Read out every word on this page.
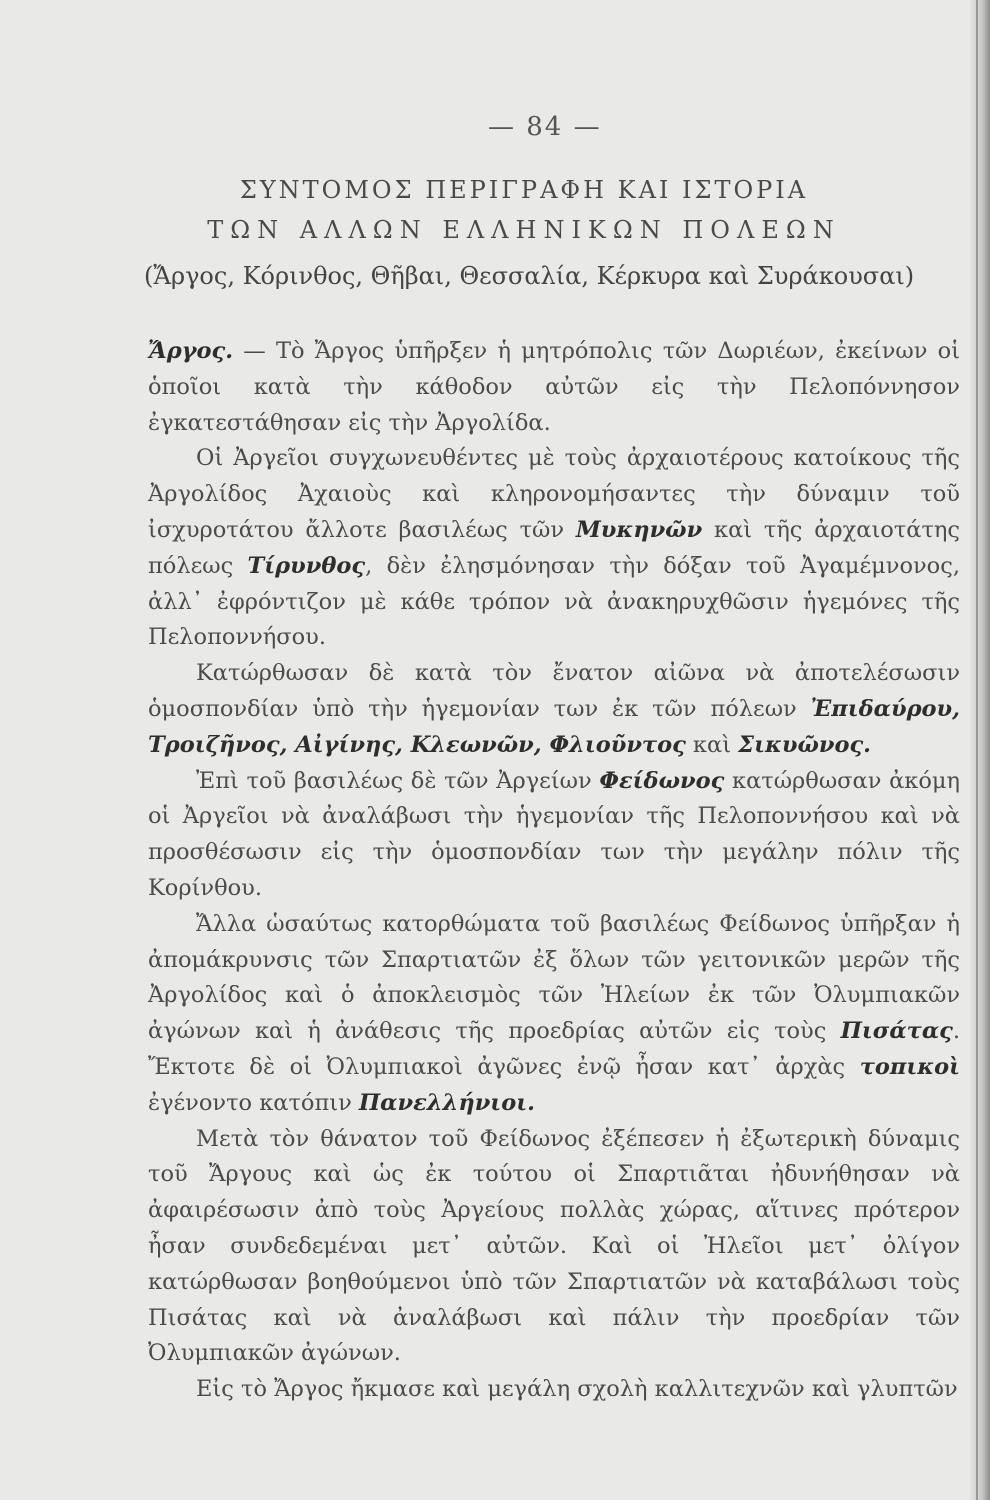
— 84 —
ΣΥΝΤΟΜΟΣ ΠΕΡΙΓΡΑΦΗ ΚΑΙ ΙΣΤΟΡΙΑ
ΤΩΝ ΑΛΛΩΝ ΕΛΛΗΝΙΚΩΝ ΠΟΛΕΩΝ
(Ἄργος, Κόρινθος, Θῆβαι, Θεσσαλία, Κέρκυρα καὶ Συράκουσαι)

Ἄργος. — Τὸ Ἄργος ὑπῆρξεν ἡ μητρόπολις τῶν Δωριέων, ἐκείνων οἱ ὁποῖοι κατὰ τὴν κάθοδον αὐτῶν εἰς τὴν Πελοπόννησον ἐγκατεστάθησαν εἰς τὴν Ἀργολίδα.

Οἱ Ἀργεῖοι συγχωνευθέντες μὲ τοὺς ἀρχαιοτέρους κατοίκους τῆς Ἀργολίδος Ἀχαιοὺς καὶ κληρονομήσαντες τὴν δύναμιν τοῦ ἰσχυροτάτου ἄλλοτε βασιλέως τῶν Μυκηνῶν καὶ τῆς ἀρχαιοτάτης πόλεως Τίρυνθος, δὲν ἐλησμόνησαν τὴν δόξαν τοῦ Ἀγαμέμνονος, ἀλλ᾽ ἐφρόντιζον μὲ κάθε τρόπον νὰ ἀνακηρυχθῶσιν ἡγεμόνες τῆς Πελοποννήσου.

Κατώρθωσαν δὲ κατὰ τὸν ἔνατον αἰῶνα νὰ ἀποτελέσωσιν ὁμοσπονδίαν ὑπὸ τὴν ἡγεμονίαν των ἐκ τῶν πόλεων Ἐπιδαύρου, Τροιζῆνος, Αἰγίνης, Κλεωνῶν, Φλιοῦντος καὶ Σικυῶνος.

Ἐπὶ τοῦ βασιλέως δὲ τῶν Ἀργείων Φείδωνος κατώρθωσαν ἀκόμη οἱ Ἀργεῖοι νὰ ἀναλάβωσι τὴν ἡγεμονίαν τῆς Πελοποννήσου καὶ νὰ προσθέσωσιν εἰς τὴν ὁμοσπονδίαν των τὴν μεγάλην πόλιν τῆς Κορίνθου.

Ἄλλα ὡσαύτως κατορθώματα τοῦ βασιλέως Φείδωνος ὑπῆρξαν ἡ ἀπομάκρυνσις τῶν Σπαρτιατῶν ἐξ ὅλων τῶν γειτονικῶν μερῶν τῆς Ἀργολίδος καὶ ὁ ἀποκλεισμὸς τῶν Ἠλείων ἐκ τῶν Ὀλυμπιακῶν ἀγώνων καὶ ἡ ἀνάθεσις τῆς προεδρίας αὐτῶν εἰς τοὺς Πισάτας. Ἔκτοτε δὲ οἱ Ὀλυμπιακοὶ ἀγῶνες ἐνῷ ἦσαν κατ᾽ ἀρχὰς τοπικοὶ ἐγένοντο κατόπιν Πανελλήνιοι.

Μετὰ τὸν θάνατον τοῦ Φείδωνος ἐξέπεσεν ἡ ἐξωτερικὴ δύναμις τοῦ Ἄργους καὶ ὡς ἐκ τούτου οἱ Σπαρτιᾶται ἠδυνήθησαν νὰ ἀφαιρέσωσιν ἀπὸ τοὺς Ἀργείους πολλὰς χώρας, αἵτινες πρότερον ἦσαν συνδεδεμέναι μετ᾽ αὐτῶν. Καὶ οἱ Ἠλεῖοι μετ᾽ ὀλίγον κατώρθωσαν βοηθούμενοι ὑπὸ τῶν Σπαρτιατῶν νὰ καταβάλωσι τοὺς Πισάτας καὶ νὰ ἀναλάβωσι καὶ πάλιν τὴν προεδρίαν τῶν Ὀλυμπιακῶν ἀγώνων.

Εἰς τὸ Ἄργος ἤκμασε καὶ μεγάλη σχολὴ καλλιτεχνῶν καὶ γλυπτῶν
